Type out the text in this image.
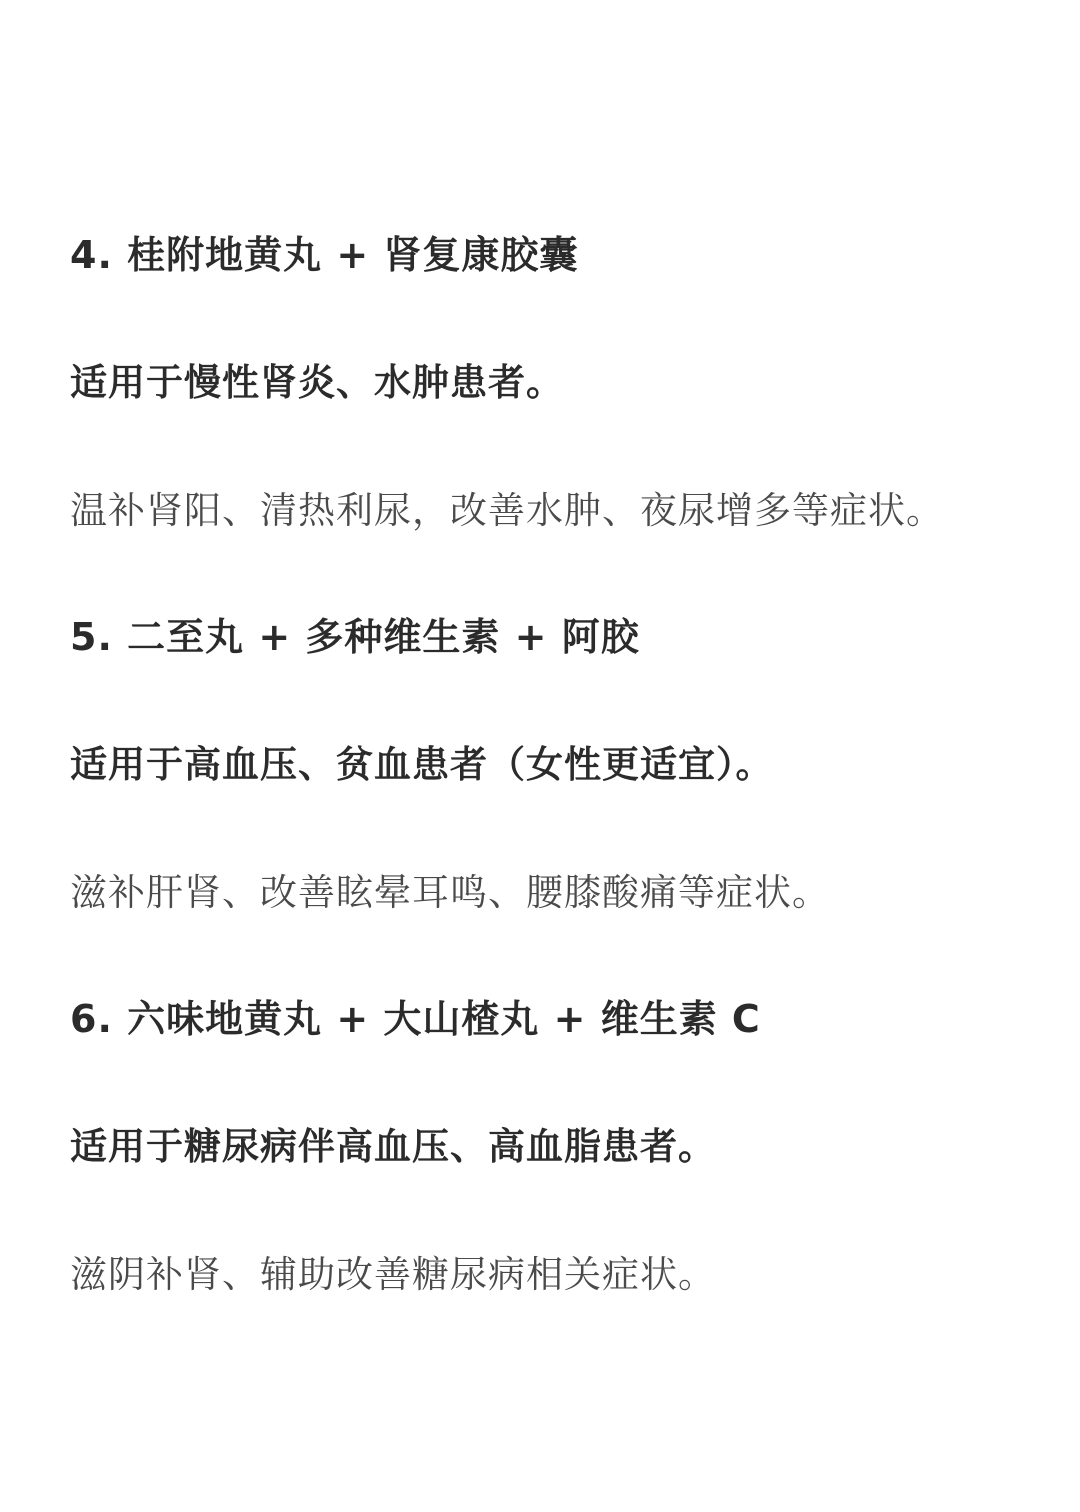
4. 桂附地黄丸 + 肾复康胶囊

适用于慢性肾炎、水肿患者。

温补肾阳、清热利尿，改善水肿、夜尿增多等症状。

5. 二至丸 + 多种维生素 + 阿胶

适用于高血压、贫血患者（女性更适宜）。

滋补肝肾、改善眩晕耳鸣、腰膝酸痛等症状。

6. 六味地黄丸 + 大山楂丸 + 维生素 C

适用于糖尿病伴高血压、高血脂患者。

滋阴补肾、辅助改善糖尿病相关症状。
